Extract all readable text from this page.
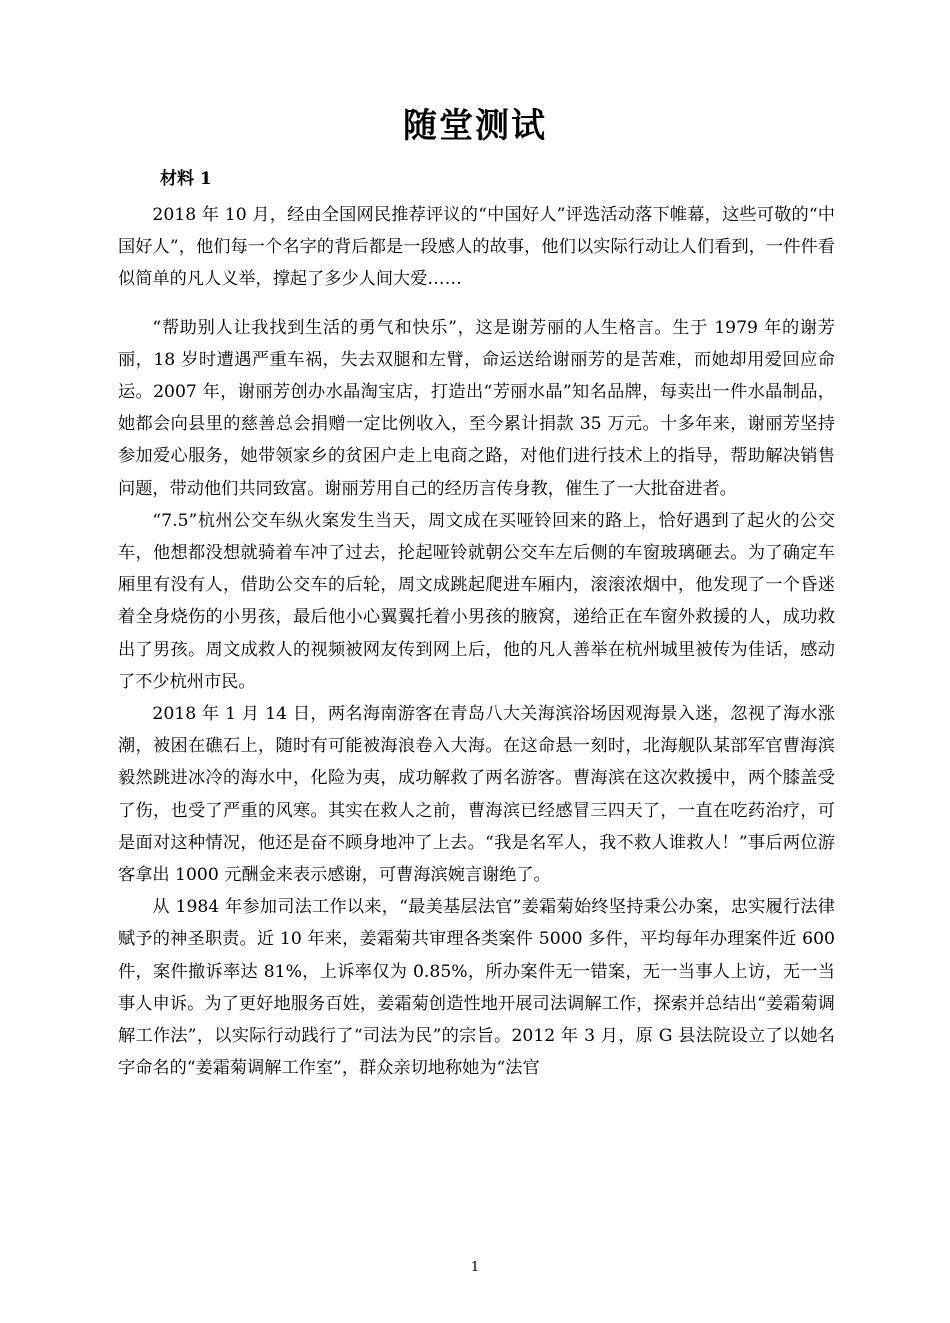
随堂测试
材料 1

2018 年 10 月，经由全国网民推荐评议的“中国好人”评选活动落下帷幕，这些可敬的“中国好人”，他们每一个名字的背后都是一段感人的故事，他们以实际行动让人们看到，一件件看似简单的凡人义举，撑起了多少人间大爱……

“帮助别人让我找到生活的勇气和快乐”，这是谢芳丽的人生格言。生于 1979 年的谢芳丽，18 岁时遭遇严重车祸，失去双腿和左臂，命运送给谢丽芳的是苦难，而她却用爱回应命运。2007 年，谢丽芳创办水晶淘宝店，打造出“芳丽水晶”知名品牌，每卖出一件水晶制品，她都会向县里的慈善总会捐赠一定比例收入，至今累计捐款 35 万元。十多年来，谢丽芳坚持参加爱心服务，她带领家乡的贫困户走上电商之路，对他们进行技术上的指导，帮助解决销售问题，带动他们共同致富。谢丽芳用自己的经历言传身教，催生了一大批奋进者。

“7.5”杭州公交车纵火案发生当天，周文成在买哑铃回来的路上，恰好遇到了起火的公交车，他想都没想就骑着车冲了过去，抡起哑铃就朝公交车左后侧的车窗玻璃砸去。为了确定车厢里有没有人，借助公交车的后轮，周文成跳起爬进车厢内，滚滚浓烟中，他发现了一个昏迷着全身烧伤的小男孩，最后他小心翼翼托着小男孩的腋窝，递给正在车窗外救援的人，成功救出了男孩。周文成救人的视频被网友传到网上后，他的凡人善举在杭州城里被传为佳话，感动了不少杭州市民。

2018 年 1 月 14 日，两名海南游客在青岛八大关海滨浴场因观海景入迷，忽视了海水涨潮，被困在礁石上，随时有可能被海浪卷入大海。在这命悬一刻时，北海舰队某部军官曹海滨毅然跳进冰冷的海水中，化险为夷，成功解救了两名游客。曹海滨在这次救援中，两个膝盖受了伤，也受了严重的风寒。其实在救人之前，曹海滨已经感冒三四天了，一直在吃药治疗，可是面对这种情况，他还是奋不顾身地冲了上去。“我是名军人，我不救人谁救人！”事后两位游客拿出 1000 元酬金来表示感谢，可曹海滨婉言谢绝了。

从 1984 年参加司法工作以来，“最美基层法官”姜霜菊始终坚持秉公办案，忠实履行法律赋予的神圣职责。近 10 年来，姜霜菊共审理各类案件 5000 多件，平均每年办理案件近 600 件，案件撤诉率达 81%，上诉率仅为 0.85%，所办案件无一错案，无一当事人上访，无一当事人申诉。为了更好地服务百姓，姜霜菊创造性地开展司法调解工作，探索并总结出“姜霜菊调解工作法”，以实际行动践行了“司法为民”的宗旨。2012 年 3 月，原 G 县法院设立了以她名字命名的“姜霜菊调解工作室”，群众亲切地称她为“法官

1
